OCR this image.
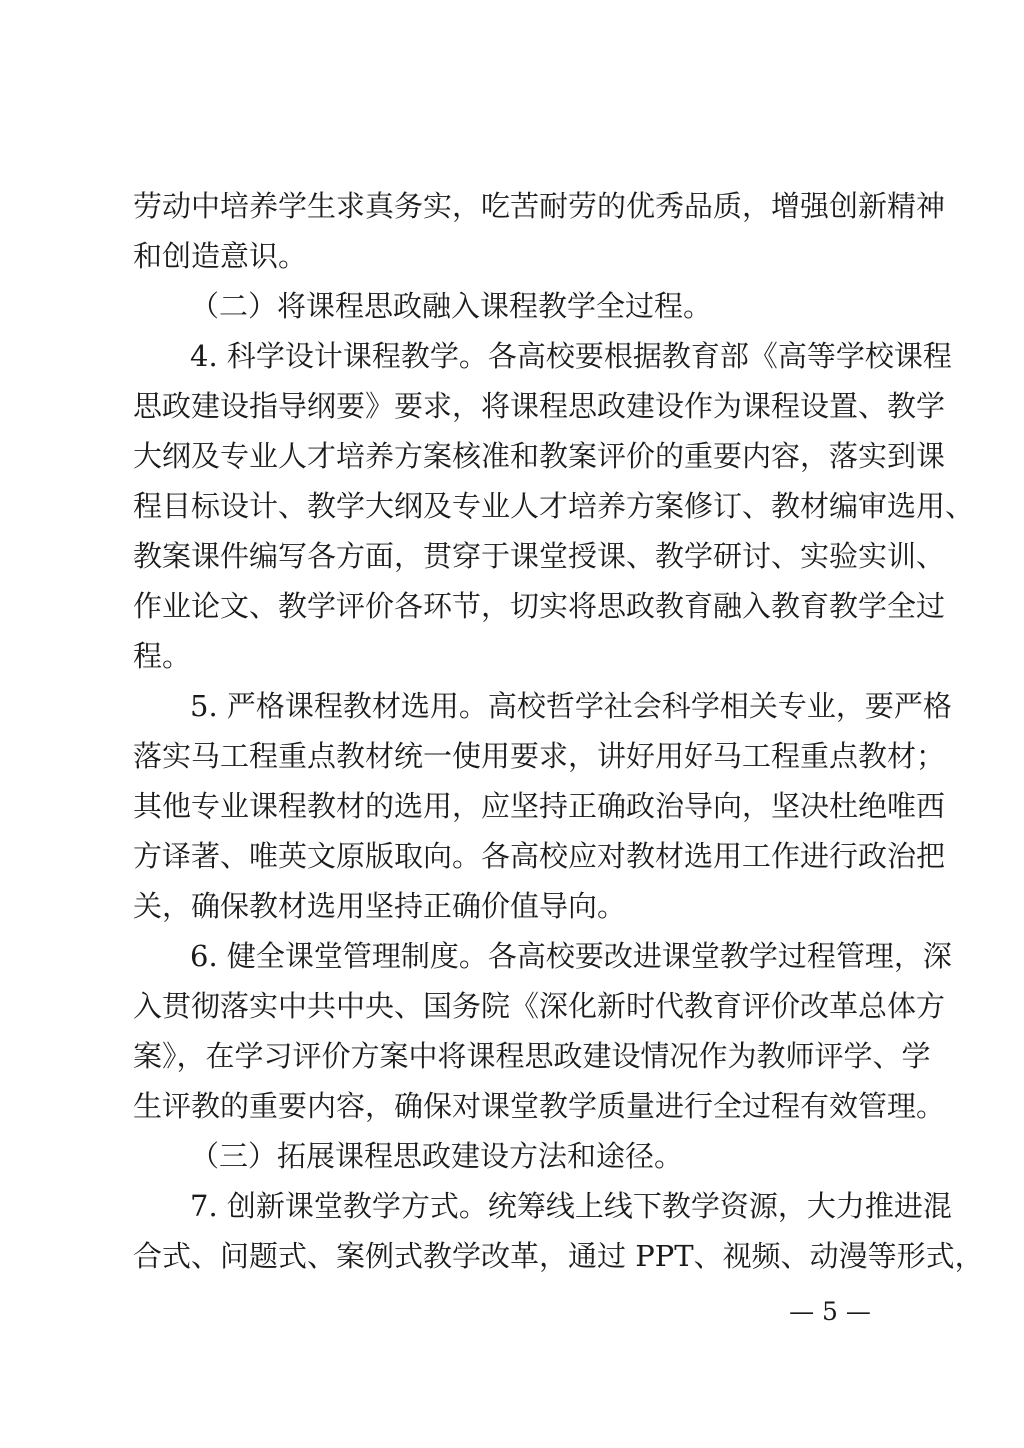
劳动中培养学生求真务实，吃苦耐劳的优秀品质，增强创新精神
和创造意识。
（二）将课程思政融入课程教学全过程。
4. 科学设计课程教学。各高校要根据教育部《高等学校课程
思政建设指导纲要》要求，将课程思政建设作为课程设置、教学
大纲及专业人才培养方案核准和教案评价的重要内容，落实到课
程目标设计、教学大纲及专业人才培养方案修订、教材编审选用、
教案课件编写各方面，贯穿于课堂授课、教学研讨、实验实训、
作业论文、教学评价各环节，切实将思政教育融入教育教学全过
程。
5. 严格课程教材选用。高校哲学社会科学相关专业，要严格
落实马工程重点教材统一使用要求，讲好用好马工程重点教材；
其他专业课程教材的选用，应坚持正确政治导向，坚决杜绝唯西
方译著、唯英文原版取向。各高校应对教材选用工作进行政治把
关，确保教材选用坚持正确价值导向。
6. 健全课堂管理制度。各高校要改进课堂教学过程管理，深
入贯彻落实中共中央、国务院《深化新时代教育评价改革总体方
案》，在学习评价方案中将课程思政建设情况作为教师评学、学
生评教的重要内容，确保对课堂教学质量进行全过程有效管理。
（三）拓展课程思政建设方法和途径。
7. 创新课堂教学方式。统筹线上线下教学资源，大力推进混
合式、问题式、案例式教学改革，通过 PPT、视频、动漫等形式，
— 5 —
